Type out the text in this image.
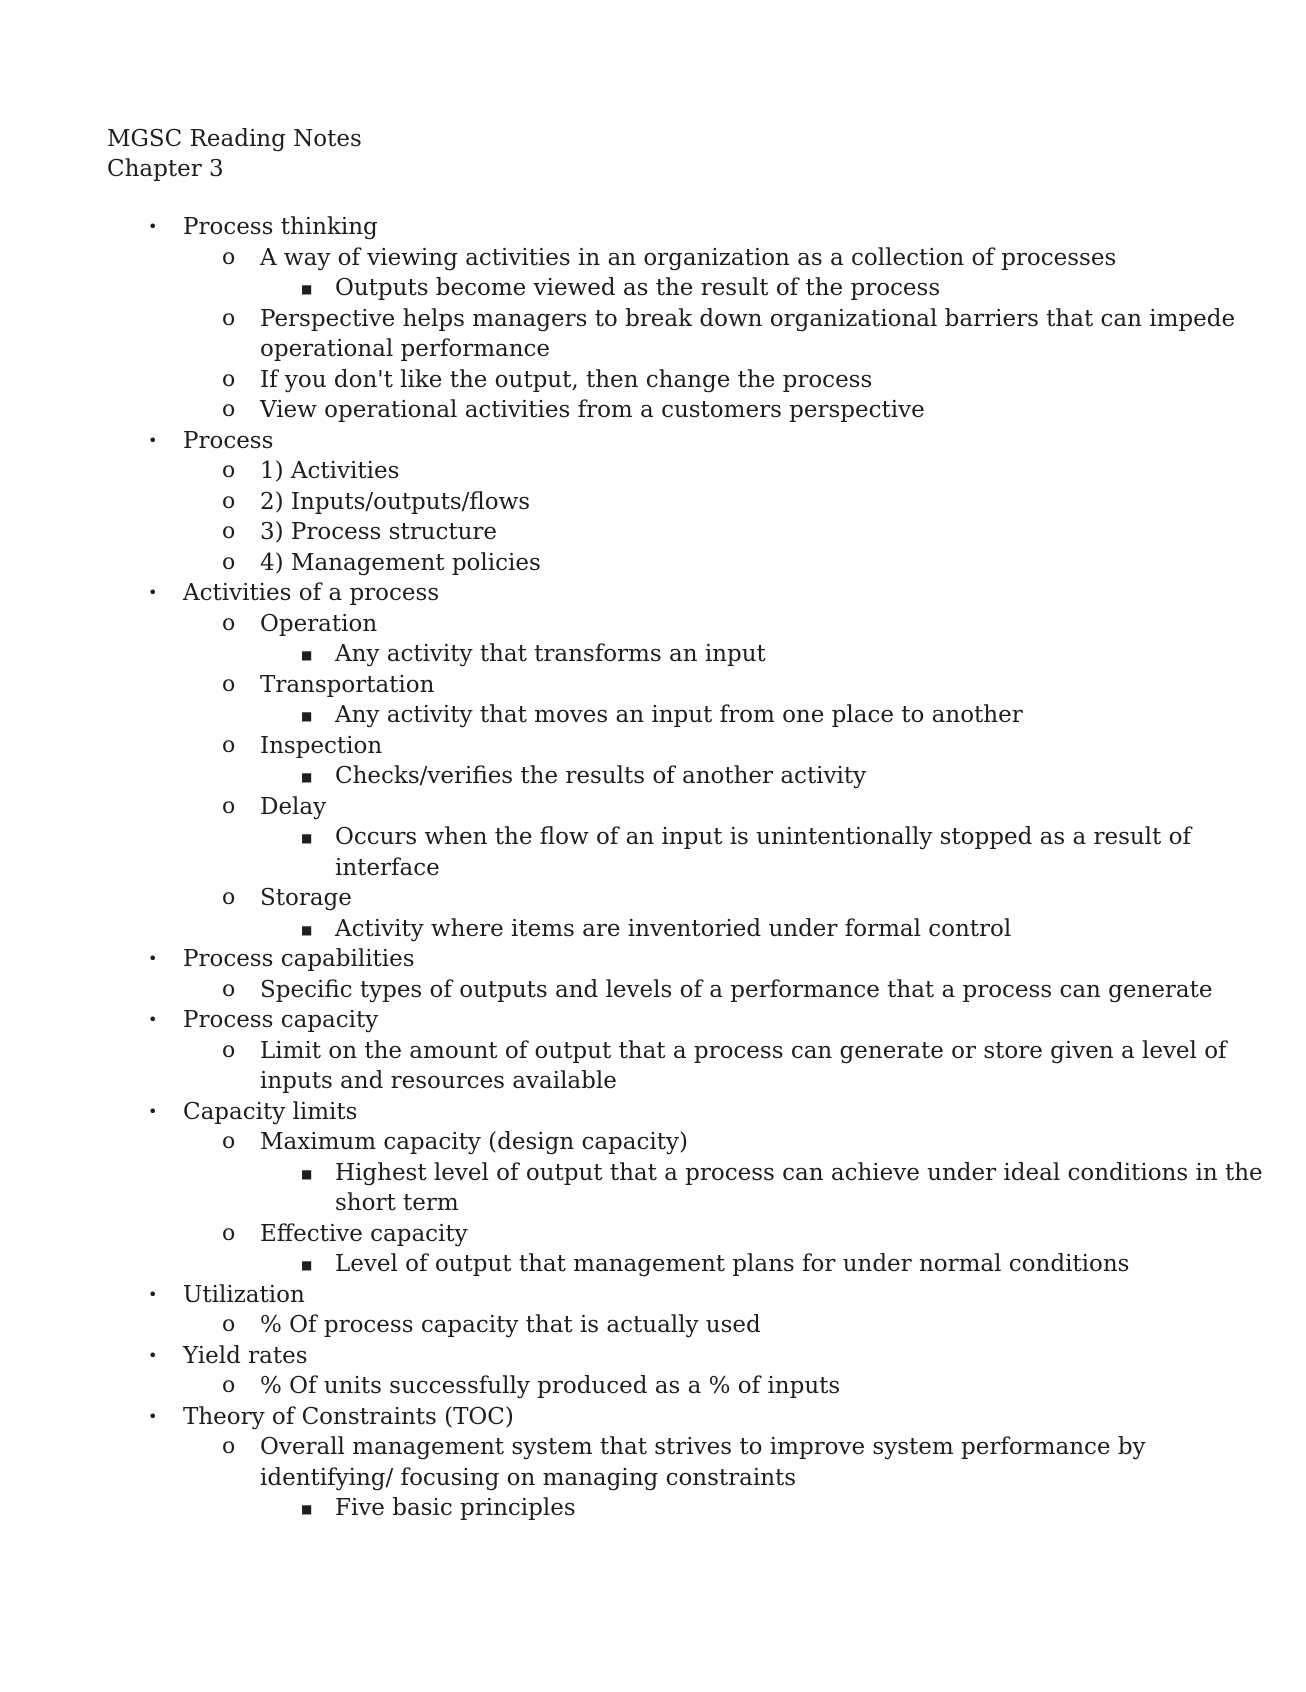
MGSC Reading Notes
Chapter 3
• Process thinking
o A way of viewing activities in an organization as a collection of processes
■ Outputs become viewed as the result of the process
o Perspective helps managers to break down organizational barriers that can impede
operational performance
o If you don't like the output, then change the process
o View operational activities from a customers perspective
• Process
o 1) Activities
o 2) Inputs/outputs/flows
o 3) Process structure
o 4) Management policies
• Activities of a process
o Operation
■ Any activity that transforms an input
o Transportation
■ Any activity that moves an input from one place to another
o Inspection
■ Checks/verifies the results of another activity
o Delay
■ Occurs when the flow of an input is unintentionally stopped as a result of
interface
o Storage
■ Activity where items are inventoried under formal control
• Process capabilities
o Specific types of outputs and levels of a performance that a process can generate
• Process capacity
o Limit on the amount of output that a process can generate or store given a level of
inputs and resources available
• Capacity limits
o Maximum capacity (design capacity)
■ Highest level of output that a process can achieve under ideal conditions in the
short term
o Effective capacity
■ Level of output that management plans for under normal conditions
• Utilization
o % Of process capacity that is actually used
• Yield rates
o % Of units successfully produced as a % of inputs
• Theory of Constraints (TOC)
o Overall management system that strives to improve system performance by
identifying/ focusing on managing constraints
■ Five basic principles
